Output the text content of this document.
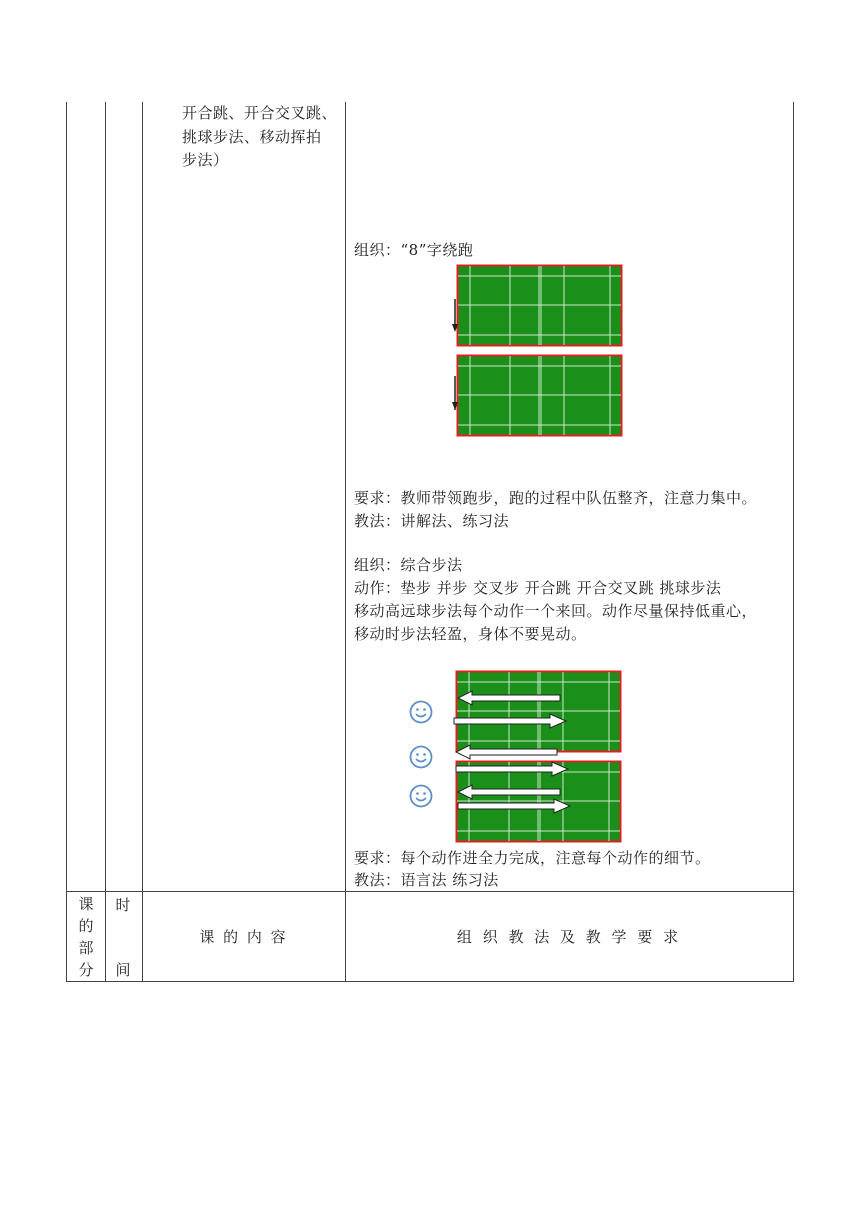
开合跳、开合交叉跳、
挑球步法、移动挥拍
步法）
组织：“8”字绕跑
要求：教师带领跑步，跑的过程中队伍整齐，注意力集中。
教法：讲解法、练习法
组织：综合步法
动作：垫步 并步 交叉步 开合跳 开合交叉跳 挑球步法
移动高远球步法每个动作一个来回。动作尽量保持低重心，
移动时步法轻盈，身体不要晃动。
要求：每个动作进全力完成，注意每个动作的细节。
教法：语言法 练习法
课
的
部
分
时
间
课 的 内 容	组 织 教 法 及 教 学 要 求
